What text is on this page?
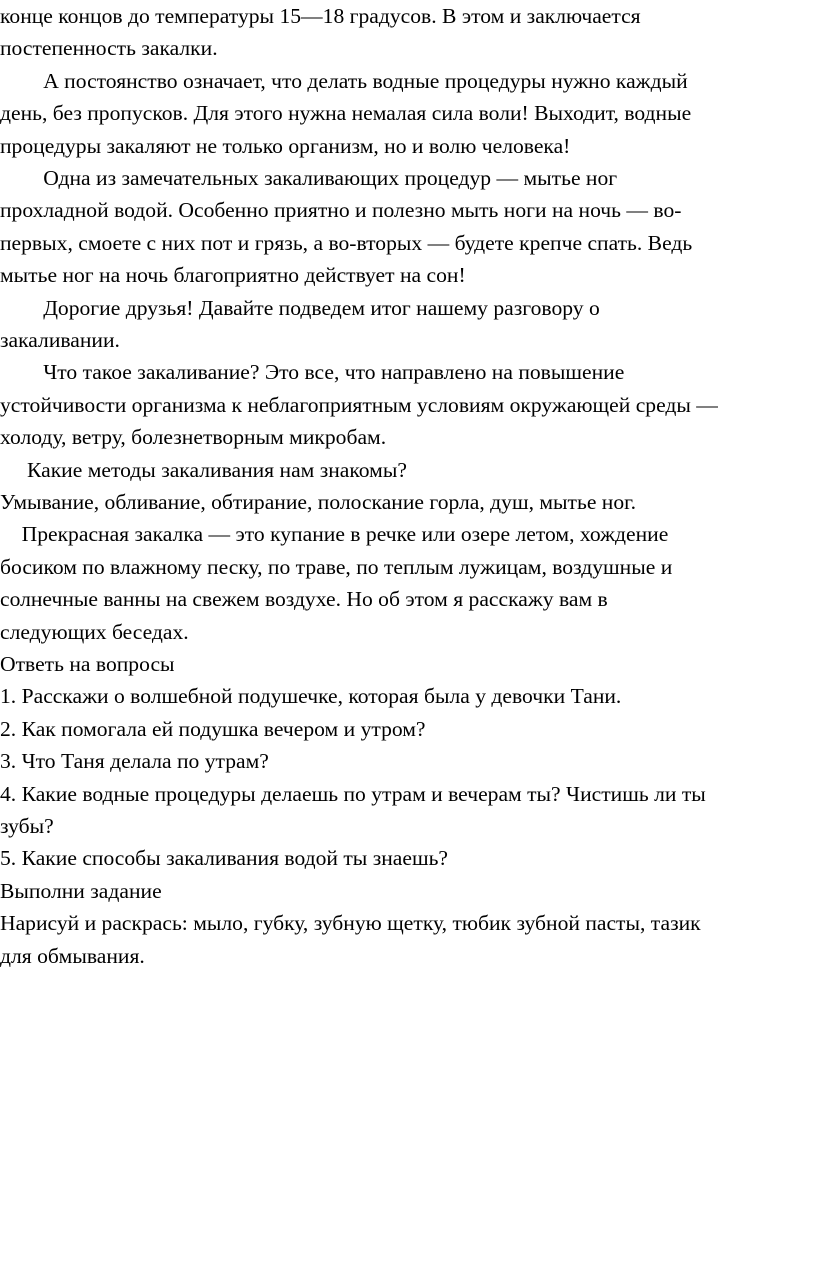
конце концов до температуры 15—18 градусов. В этом и заключается
постепенность закалки.
А постоянство означает, что делать водные процедуры нужно каждый
день, без пропусков. Для этого нужна немалая сила воли! Выходит, водные
процедуры закаляют не только организм, но и волю человека!
Одна из замечательных закаливающих процедур — мытье ног
прохладной водой. Особенно приятно и полезно мыть ноги на ночь — во-
первых, смоете с них пот и грязь, а во-вторых — будете крепче спать. Ведь
мытье ног на ночь благоприятно действует на сон!
Дорогие друзья! Давайте подведем итог нашему разговору о
закаливании.
Что такое закаливание? Это все, что направлено на повышение
устойчивости организма к неблагоприятным условиям окружающей среды —
холоду, ветру, болезнетворным микробам.
Какие методы закаливания нам знакомы?
Умывание, обливание, обтирание, полоскание горла, душ, мытье ног.
Прекрасная закалка — это купание в речке или озере летом, хождение
босиком по влажному песку, по траве, по теплым лужицам, воздушные и
солнечные ванны на свежем воздухе. Но об этом я расскажу вам в
следующих беседах.
Ответь на вопросы
1. Расскажи о волшебной подушечке, которая была у девочки Тани.
2. Как помогала ей подушка вечером и утром?
3. Что Таня делала по утрам?
4. Какие водные процедуры делаешь по утрам и вечерам ты? Чистишь ли ты
зубы?
5. Какие способы закаливания водой ты знаешь?
Выполни задание
Нарисуй и раскрась: мыло, губку, зубную щетку, тюбик зубной пасты, тазик
для обмывания.
